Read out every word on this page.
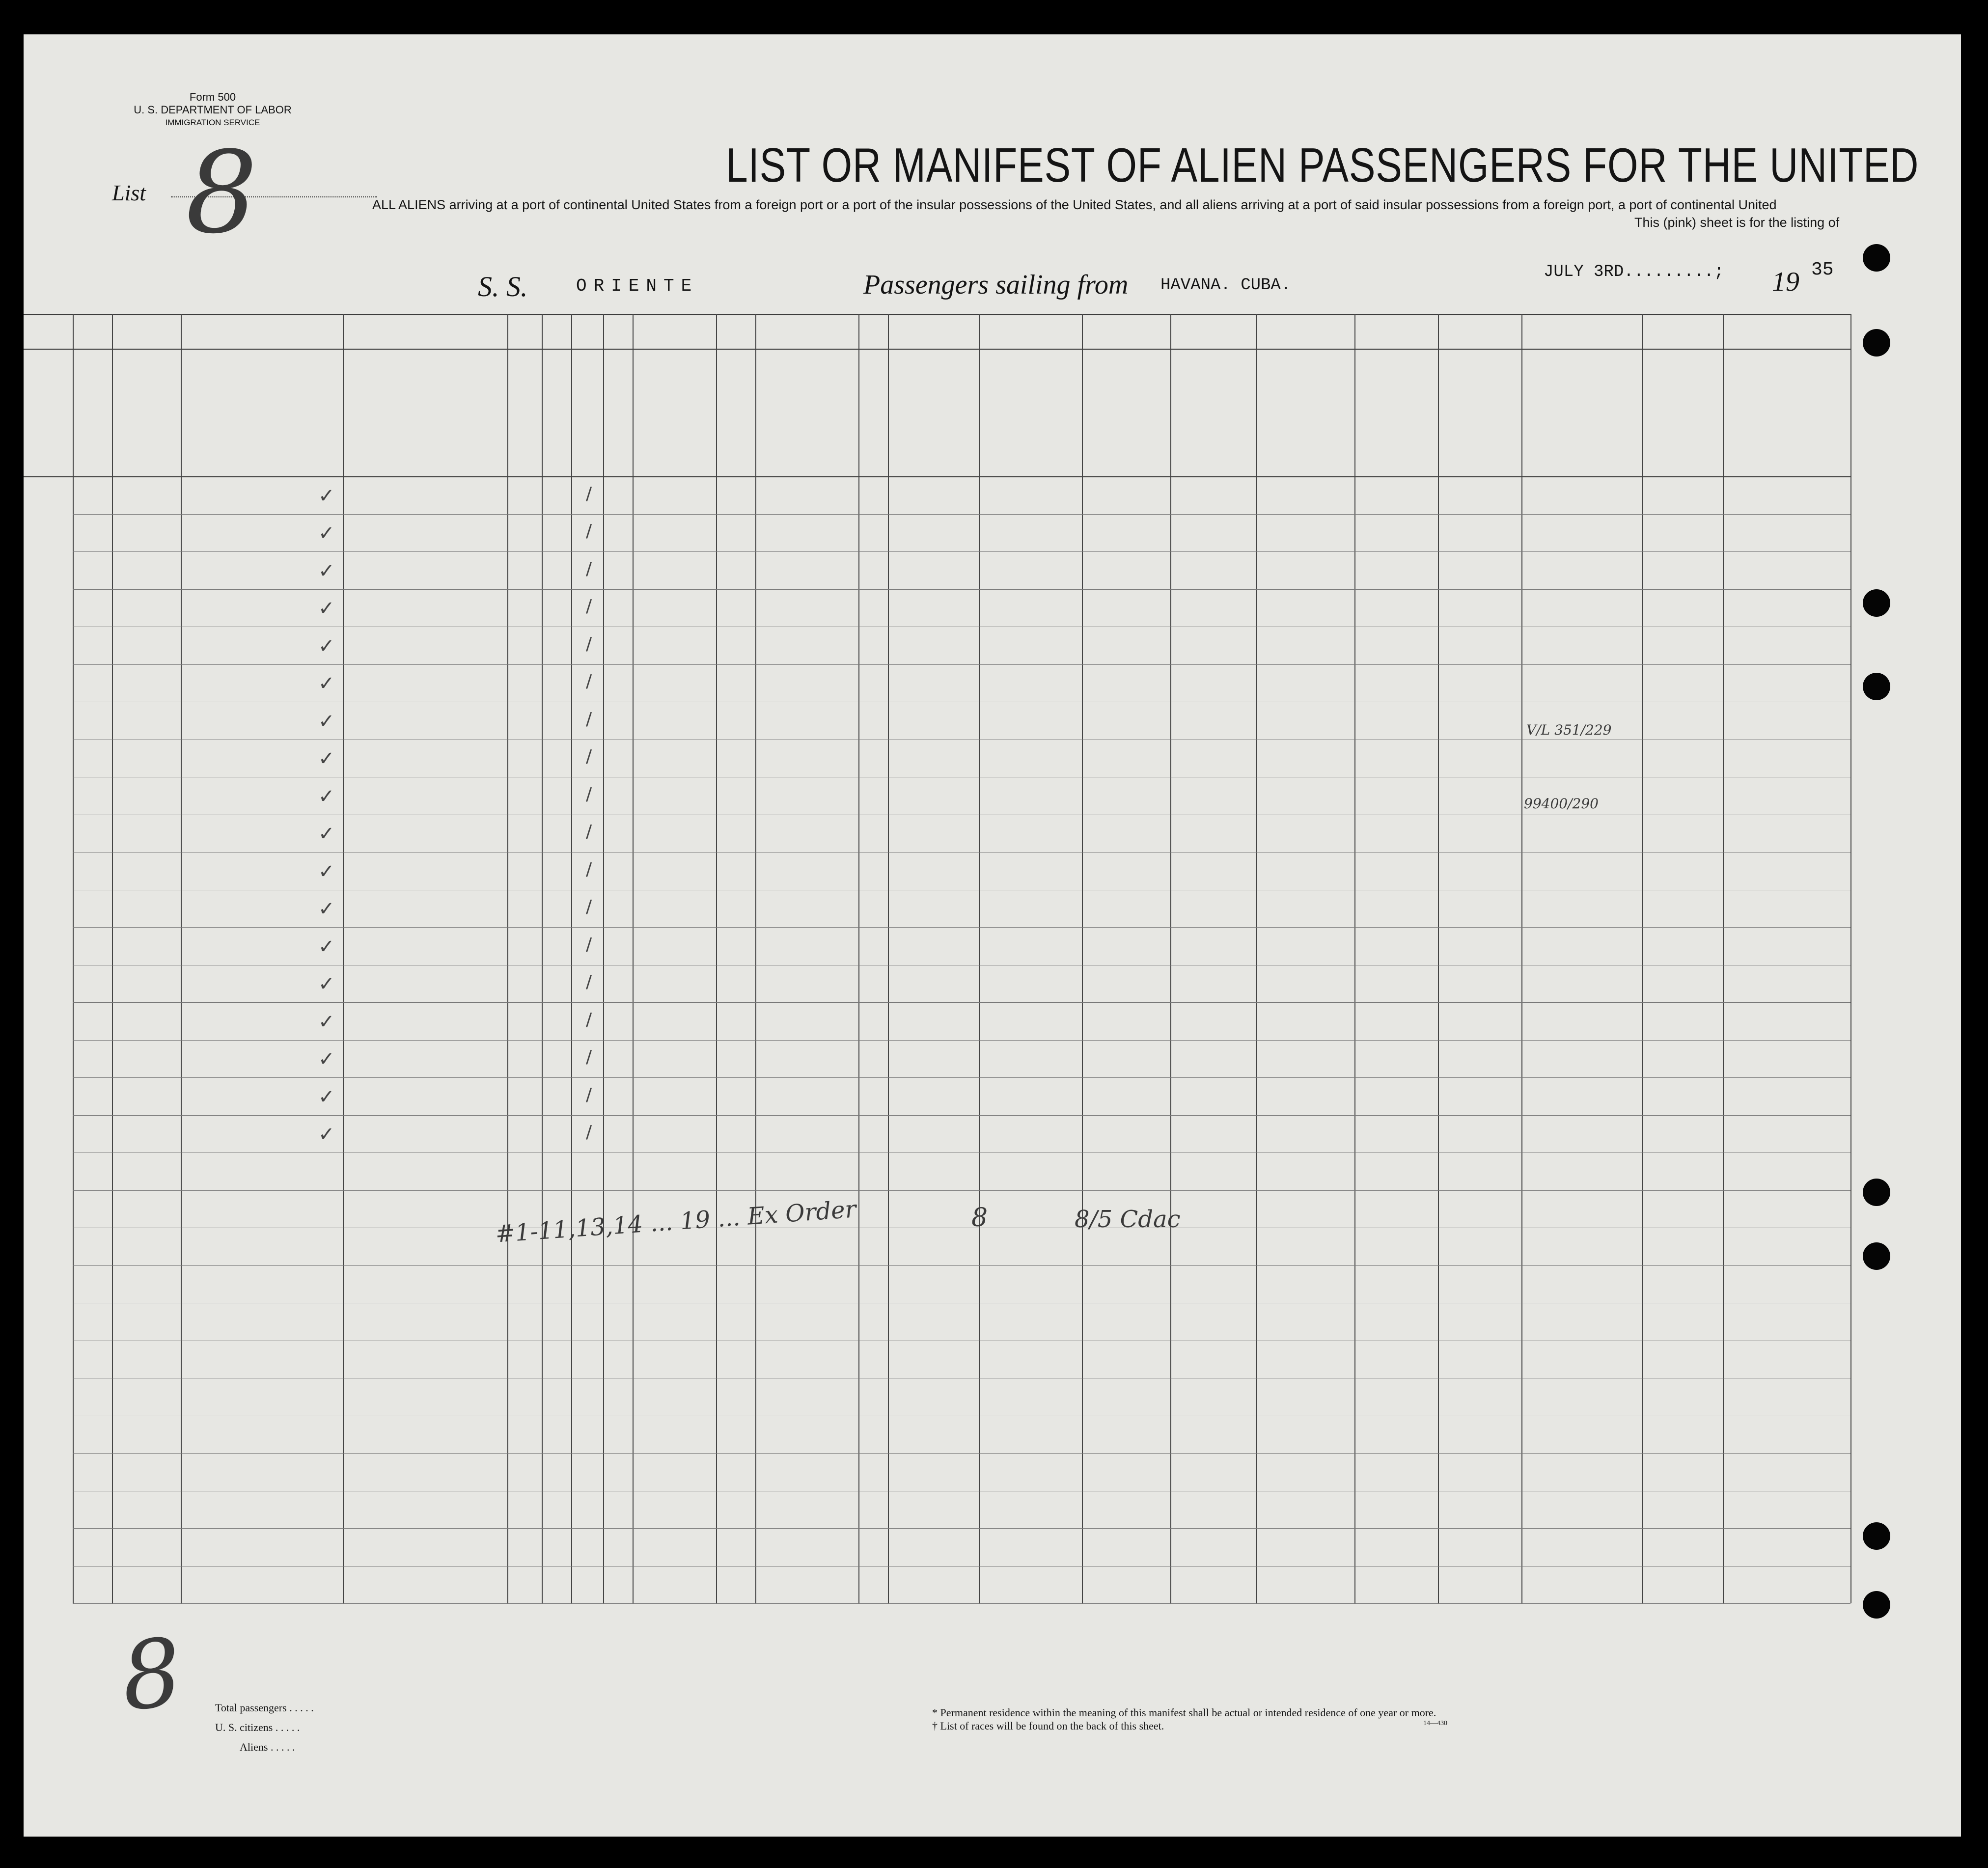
Form 500
U. S. DEPARTMENT OF LABOR
IMMIGRATION SERVICE
List 8	LIST OR MANIFEST OF ALIEN PASSENGERS FOR THE UNITED
ALL ALIENS arriving at a port of continental United States from a foreign port or a port of the insular possessions of the United States, and all aliens arriving at a port of said insular possessions from a foreign port, a port of continental United
This (pink) sheet is for the listing of
S. S.	ORIENTE	Passengers sailing from HAVANA. CUBA.
JULY 3RD.........; 19 35
✓	/
✓	/
✓	/
✓	/
✓	/
✓	/
✓	/
✓	/
✓	/
✓	/
✓	/
✓	/
✓	/
✓	/
✓	/
✓	/
✓	/
✓	/
#1-11,13,14 ... 19 ... Ex Order	8	8/5 Cdac
V/L 351/229
99400/290
8	Total passengers . . . . .
U. S. citizens . . . . .
Aliens . . . . .
* Permanent residence within the meaning of this manifest shall be actual or intended residence of one year or more.
† List of races will be found on the back of this sheet.	14—430
